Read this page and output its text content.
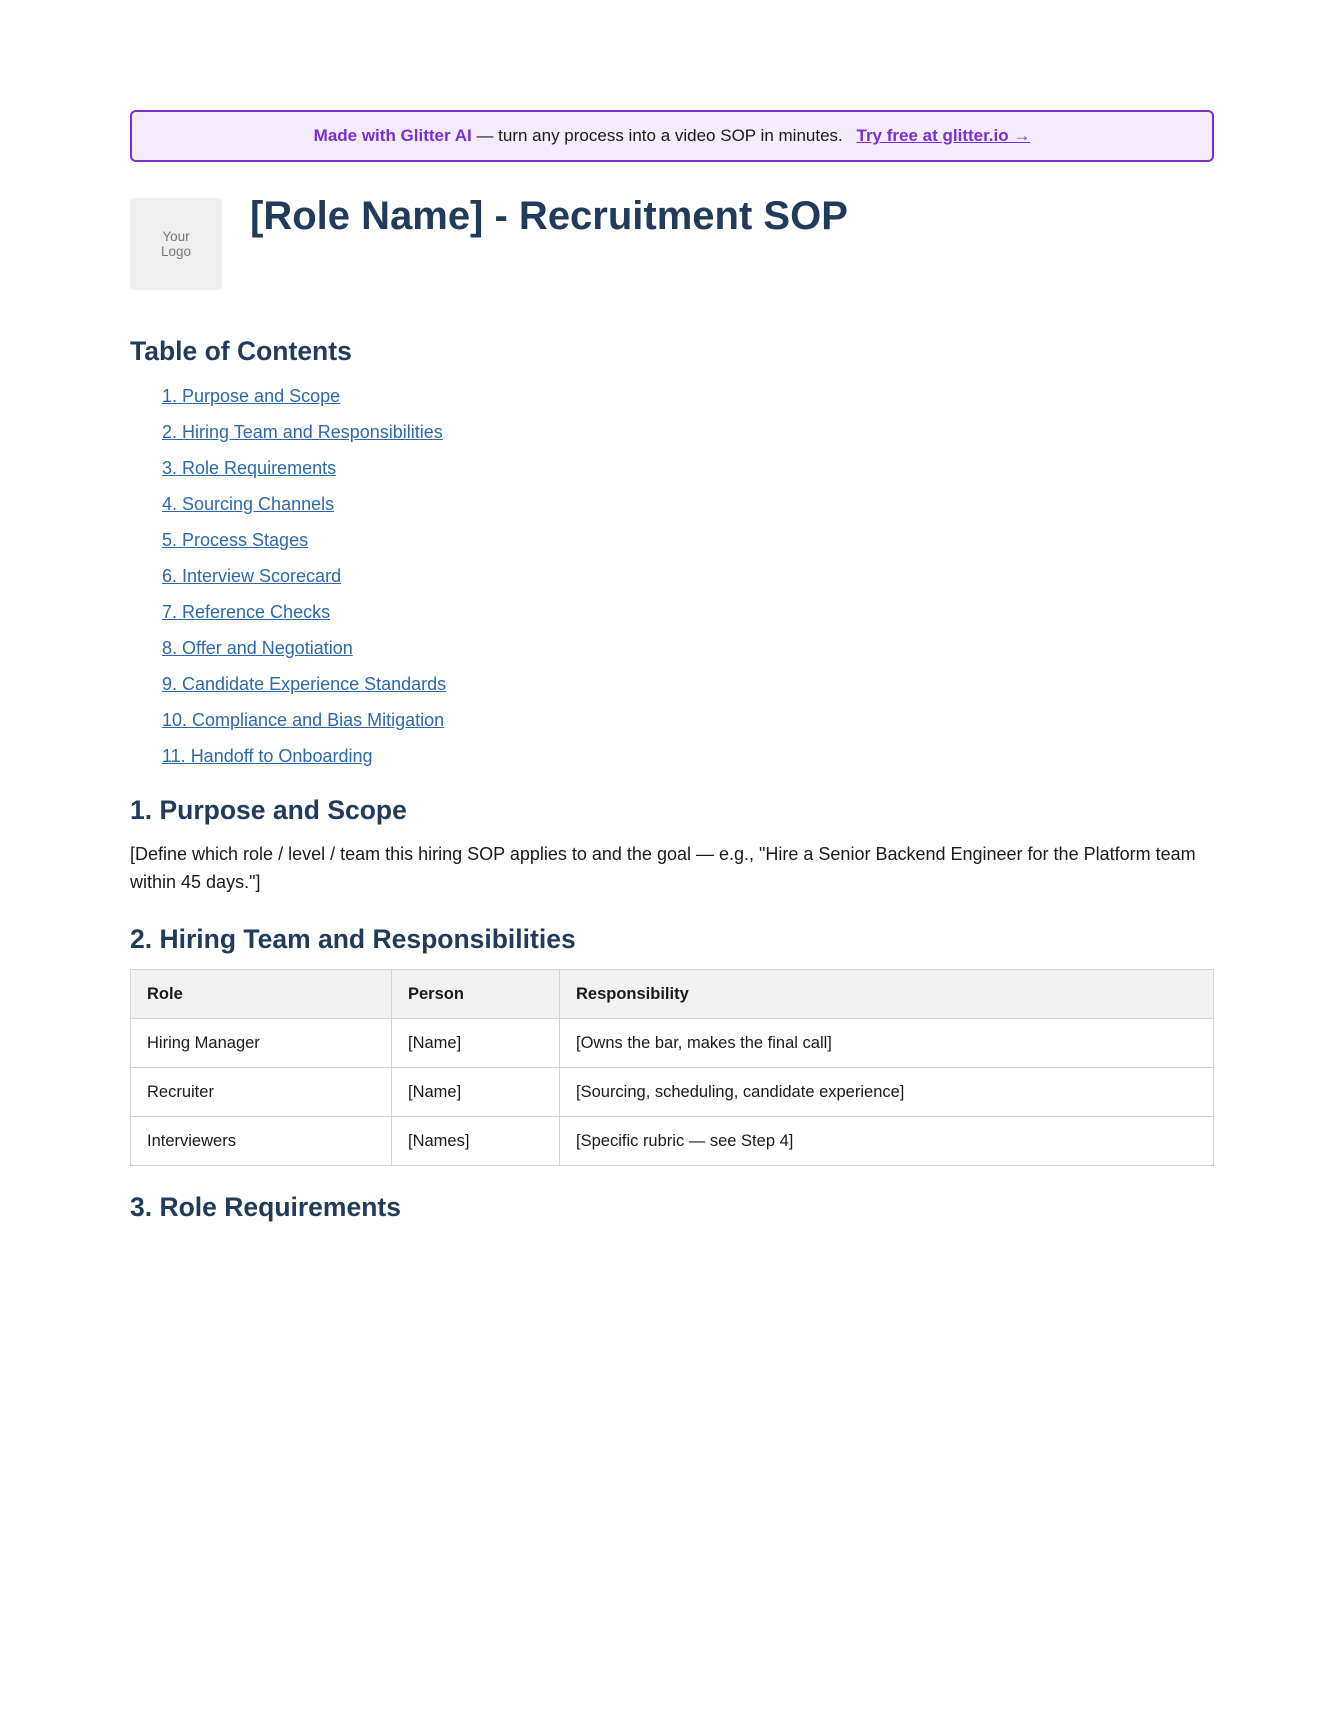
Made with Glitter AI
— turn any process into a video SOP in minutes.
Try free at glitter.io →
Your
Logo
[Role Name] - Recruitment SOP
Table of Contents
1. Purpose and Scope
2. Hiring Team and Responsibilities
3. Role Requirements
4. Sourcing Channels
5. Process Stages
6. Interview Scorecard
7. Reference Checks
8. Offer and Negotiation
9. Candidate Experience Standards
10. Compliance and Bias Mitigation
11. Handoff to Onboarding
1. Purpose and Scope

[Define which role / level / team this hiring SOP applies to and the goal — e.g., "Hire a Senior Backend Engineer for the Platform team within 45 days."]

2. Hiring Team and Responsibilities
Role	Person	Responsibility
Hiring Manager	[Name]	[Owns the bar, makes the final call]
Recruiter	[Name]	[Sourcing, scheduling, candidate experience]
Interviewers	[Names]	[Specific rubric — see Step 4]
3. Role Requirements
